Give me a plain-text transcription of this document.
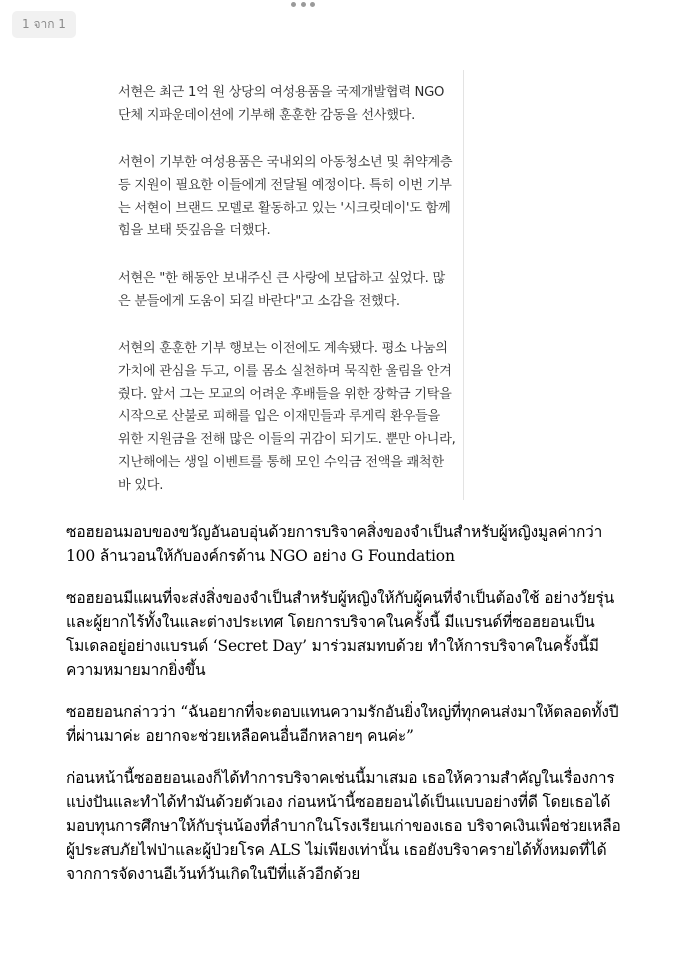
1 จาก 1

서현은 최근 1억 원 상당의 여성용품을 국제개발협력 NGO 단체 지파운데이션에 기부해 훈훈한 감동을 선사했다.

서현이 기부한 여성용품은 국내외의 아동청소년 및 취약계층 등 지원이 필요한 이들에게 전달될 예정이다. 특히 이번 기부는 서현이 브랜드 모델로 활동하고 있는 '시크릿데이'도 함께 힘을 보태 뜻깊음을 더했다.

서현은 "한 해동안 보내주신 큰 사랑에 보답하고 싶었다. 많은 분들에게 도움이 되길 바란다"고 소감을 전했다.

서현의 훈훈한 기부 행보는 이전에도 계속됐다. 평소 나눔의 가치에 관심을 두고, 이를 몸소 실천하며 묵직한 울림을 안겨줬다. 앞서 그는 모교의 어려운 후배들을 위한 장학금 기탁을 시작으로 산불로 피해를 입은 이재민들과 루게릭 환우들을 위한 지원금을 전해 많은 이들의 귀감이 되기도. 뿐만 아니라, 지난해에는 생일 이벤트를 통해 모인 수익금 전액을 쾌척한 바 있다.

ซอฮยอนมอบของขวัญอันอบอุ่นด้วยการบริจาคสิ่งของจำเป็นสำหรับผู้หญิงมูลค่ากว่า 100 ล้านวอนให้กับองค์กรด้าน NGO อย่าง G Foundation

ซอฮยอนมีแผนที่จะส่งสิ่งของจำเป็นสำหรับผู้หญิงให้กับผู้คนที่จำเป็นต้องใช้ อย่างวัยรุ่นและผู้ยากไร้ทั้งในและต่างประเทศ โดยการบริจาคในครั้งนี้ มีแบรนด์ที่ซอฮยอนเป็นโมเดลอยู่อย่างแบรนด์ ‘Secret Day’ มาร่วมสมทบด้วย ทำให้การบริจาคในครั้งนี้มีความหมายมากยิ่งขึ้น

ซอฮยอนกล่าวว่า “ฉันอยากที่จะตอบแทนความรักอันยิ่งใหญ่ที่ทุกคนส่งมาให้ตลอดทั้งปีที่ผ่านมาค่ะ อยากจะช่วยเหลือคนอื่นอีกหลายๆ คนค่ะ”

ก่อนหน้านี้ซอฮยอนเองก็ได้ทำการบริจาคเช่นนี้มาเสมอ เธอให้ความสำคัญในเรื่องการแบ่งปันและทำได้ทำมันด้วยตัวเอง ก่อนหน้านี้ซอฮยอนได้เป็นแบบอย่างที่ดี โดยเธอได้มอบทุนการศึกษาให้กับรุ่นน้องที่ลำบากในโรงเรียนเก่าของเธอ บริจาคเงินเพื่อช่วยเหลือผู้ประสบภัยไฟป่าและผู้ป่วยโรค ALS ไม่เพียงเท่านั้น เธอยังบริจาครายได้ทั้งหมดที่ได้จากการจัดงานอีเว้นท์วันเกิดในปีที่แล้วอีกด้วย
